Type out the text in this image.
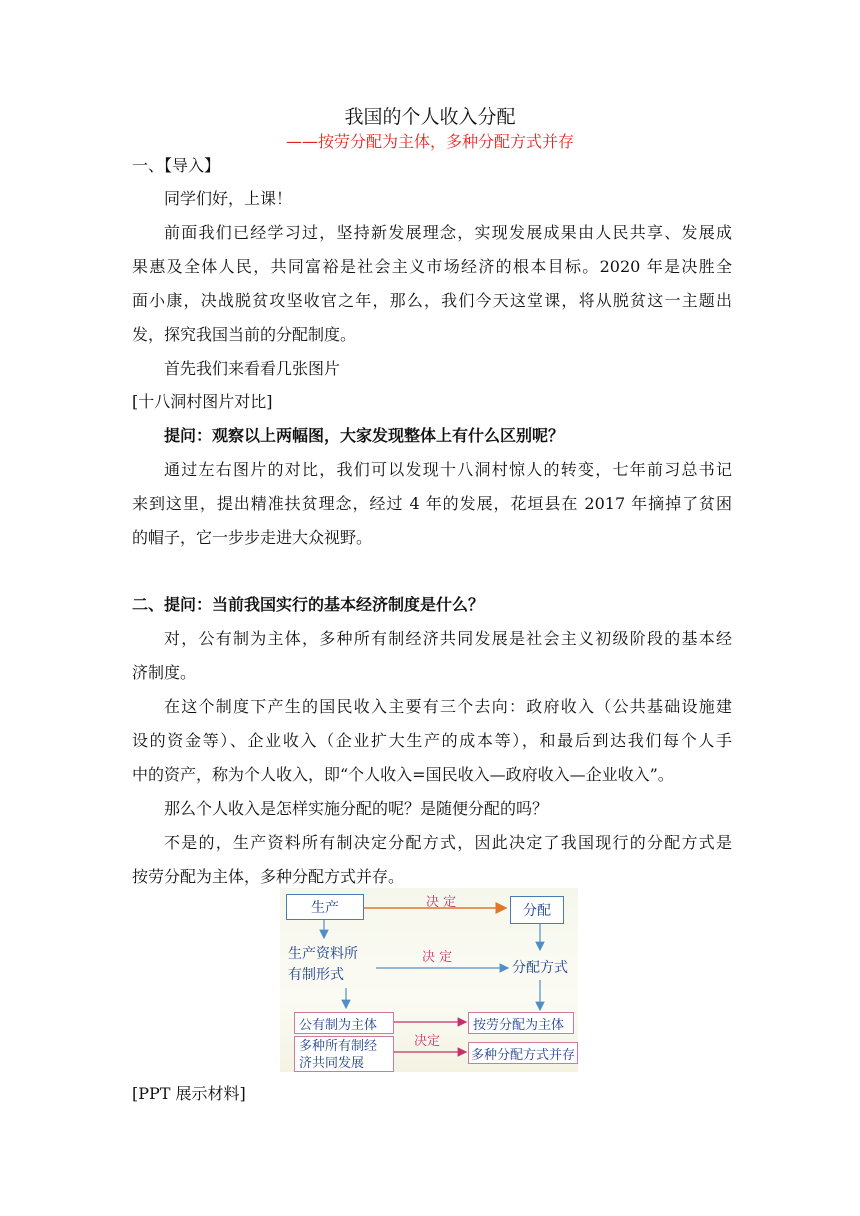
我国的个人收入分配
——按劳分配为主体，多种分配方式并存
一、【导入】
同学们好，上课！
前面我们已经学习过，坚持新发展理念，实现发展成果由人民共享、发展成
果惠及全体人民，共同富裕是社会主义市场经济的根本目标。2020 年是决胜全
面小康，决战脱贫攻坚收官之年，那么，我们今天这堂课，将从脱贫这一主题出
发，探究我国当前的分配制度。
首先我们来看看几张图片
[十八洞村图片对比]
提问：观察以上两幅图，大家发现整体上有什么区别呢？
通过左右图片的对比，我们可以发现十八洞村惊人的转变，七年前习总书记
来到这里，提出精准扶贫理念，经过 4 年的发展，花垣县在 2017 年摘掉了贫困
的帽子，它一步步走进大众视野。
二、提问：当前我国实行的基本经济制度是什么？
对，公有制为主体，多种所有制经济共同发展是社会主义初级阶段的基本经
济制度。
在这个制度下产生的国民收入主要有三个去向：政府收入（公共基础设施建
设的资金等）、企业收入（企业扩大生产的成本等），和最后到达我们每个人手
中的资产，称为个人收入，即“个人收入=国民收入—政府收入—企业收入”。
那么个人收入是怎样实施分配的呢？是随便分配的吗？
不是的，生产资料所有制决定分配方式，因此决定了我国现行的分配方式是
按劳分配为主体，多种分配方式并存。
生产	决 定
分配
生产资料所
有制形式
决 定
分配方式
公有制为主体
多种所有制经
济共同发展
决定
按劳分配为主体
多种分配方式并存
[PPT 展示材料]
